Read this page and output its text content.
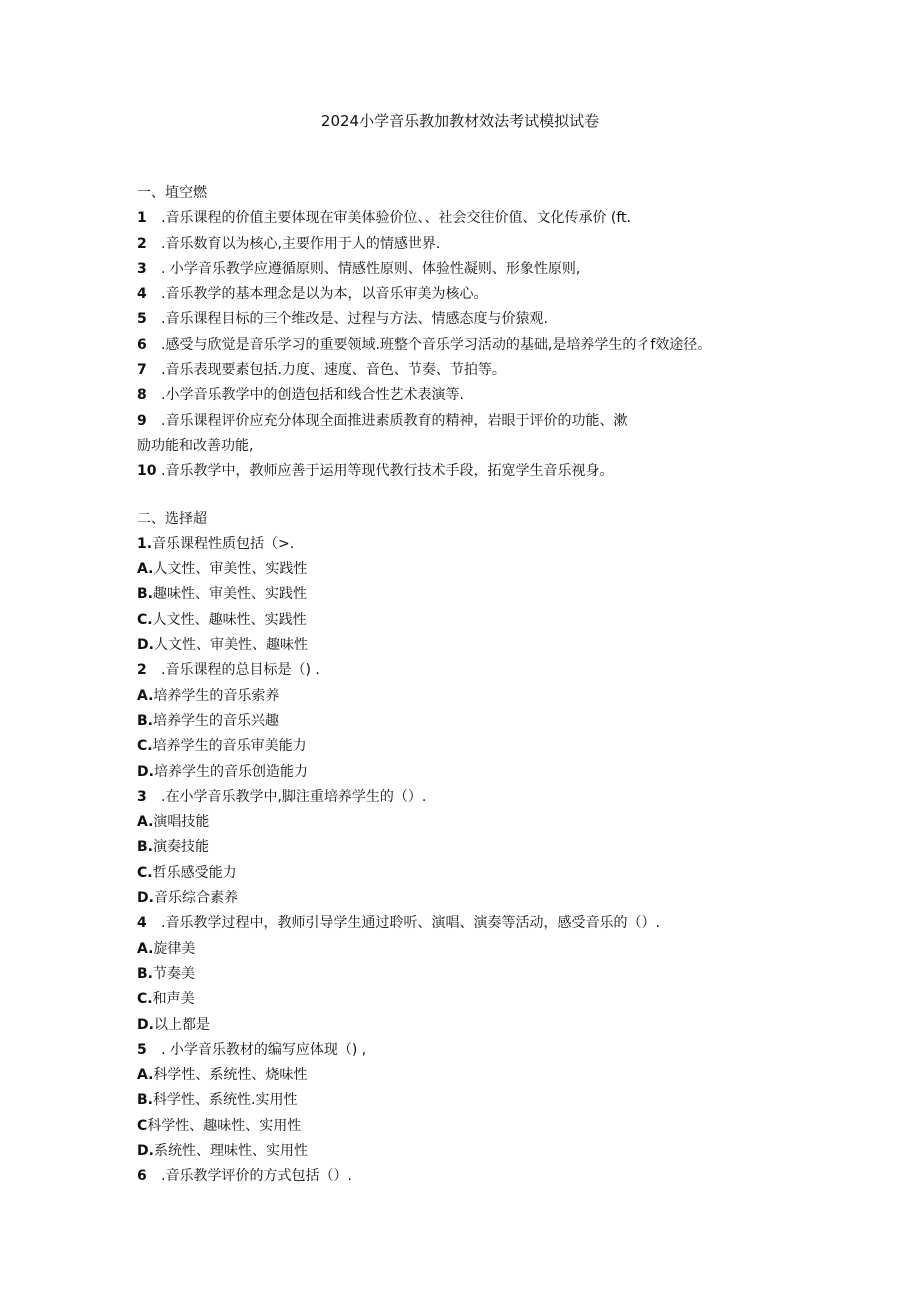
2024小学音乐教加教材效法考试模拟试卷
一、埴空燃
1 .音乐课程的价值主要体现在审美体验价位、、社会交往价值、文化传承价 (ft.
2 .音乐数育以为核心,主要作用于人的情感世界.
3 . 小学音乐教学应遵循原则、情感性原则、体验性凝则、形象性原则,
4 .音乐教学的基本理念是以为本，以音乐审美为核心。
5 .音乐课程目标的三个维改是、过程与方法、情感态度与价猿观.
6 .感受与欣觉是音乐学习的重要领域.班整个音乐学习活动的基础,是培养学生的彳f效途径。
7 .音乐表现要素包括.力度、速度、音色、节奏、节拍等。
8 .小学音乐教学中的创造包括和线合性艺术表演等.
9 .音乐课程评价应充分体现全面推进素质教育的精神，岩眼于评价的功能、漱
励功能和改善功能,
10 .音乐教学中，教师应善于运用等现代教行技术手段，拓宽学生音乐视身。
二、选择超
1.音乐课程性质包括（>.
A.人文性、审美性、实践性
B.趣味性、审美性、实践性
C.人文性、趣味性、实践性
D.人文性、审美性、趣味性
2 .音乐课程的总目标是（) .
A.培养学生的音乐索养
B.培养学生的音乐兴趣
C.培养学生的音乐审美能力
D.培养学生的音乐创造能力
3 .在小学音乐教学中,脚注重培养学生的（）.
A.演唱技能
B.演奏技能
C.哲乐感受能力
D.音乐综合素养
4 .音乐教学过程中，教师引导学生通过聆听、演唱、演奏等活动，感受音乐的（）.
A.旋律美
B.节奏美
C.和声美
D.以上都是
5 . 小学音乐教材的编写应体现（) ,
A.科学性、系统性、烧味性
B.科学性、系统性.实用性
C科学性、趣味性、实用性
D.系统性、理味性、实用性
6 .音乐教学评价的方式包括（）.
